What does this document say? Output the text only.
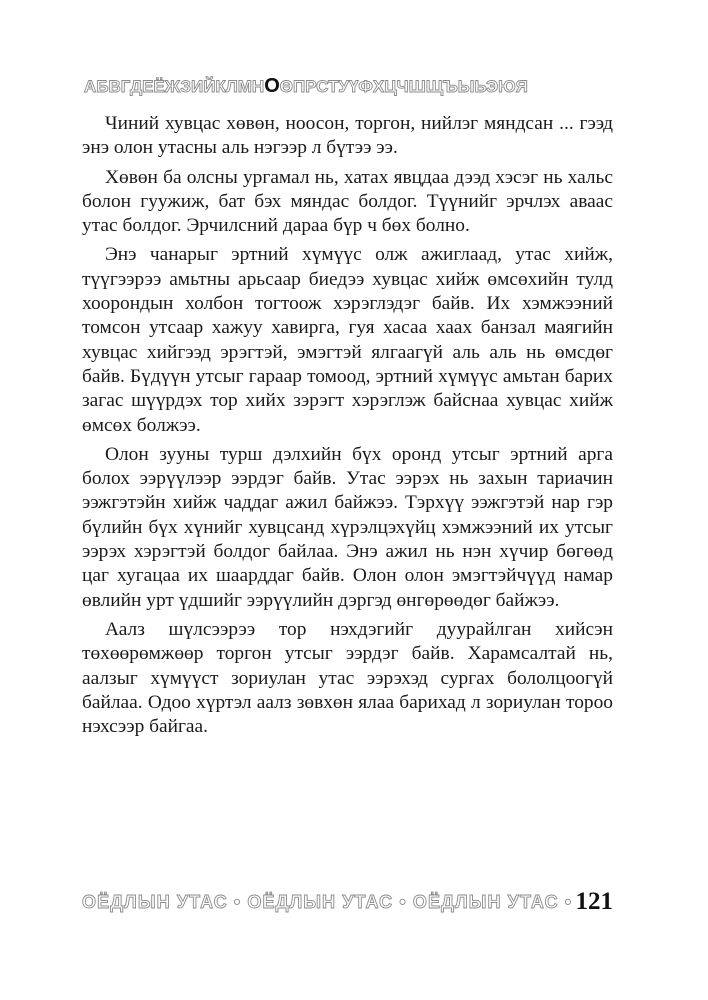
АБВГДЕЁЖЗИЙКЛМНОӨПРСТУҮФХЦЧШЩЪЫЬЭЮЯ

Чиний хувцас хөвөн, ноосон, торгон, нийлэг мяндсан ... гээд энэ олон утасны аль нэгээр л бүтээ ээ.

Хөвөн ба олсны ургамал нь, хатах явцдаа дээд хэсэг нь хальс болон гуужиж, бат бэх мяндас болдог. Түүнийг эрчлэх аваас утас болдог. Эрчилсний дараа бүр ч бөх болно.

Энэ чанарыг эртний хүмүүс олж ажиглаад, утас хийж, түүгээрээ амьтны арьсаар биедээ хувцас хийж өмсөхийн тулд хоорондын холбон тогтоож хэрэглэдэг байв. Их хэмжээний томсон утсаар хажуу хавирга, гуя хасаа хаах банзал маягийн хувцас хийгээд эрэгтэй, эмэгтэй ялгаагүй аль аль нь өмсдөг байв. Бүдүүн утсыг гараар томоод, эртний хүмүүс амьтан барих загас шүүрдэх тор хийх зэрэгт хэрэглэж байснаа хувцас хийж өмсөх болжээ.

Олон зууны турш дэлхийн бүх оронд утсыг эртний арга болох ээрүүлээр ээрдэг байв. Утас ээрэх нь захын тариачин ээжгэтэйн хийж чаддаг ажил байжээ. Тэрхүү ээжгэтэй нар гэр бүлийн бүх хүнийг хувцсанд хүрэлцэхүйц хэмжээний их утсыг ээрэх хэрэгтэй болдог байлаа. Энэ ажил нь нэн хүчир бөгөөд цаг хугацаа их шаарддаг байв. Олон олон эмэгтэйчүүд намар өвлийн урт үдшийг ээрүүлийн дэргэд өнгөрөөдөг байжээ.

Аалз шүлсээрээ тор нэхдэгийг дуурайлган хийсэн төхөөрөмжөөр торгон утсыг ээрдэг байв. Харамсалтай нь, аалзыг хүмүүст зориулан утас ээрэхэд сургах бололцоогүй байлаа. Одоо хүртэл аалз зөвхөн ялаа барихад л зориулан тороо нэхсээр байгаа.

ОЁДЛЫН УТАС • ОЁДЛЫН УТАС • ОЁДЛЫН УТАС • 121
